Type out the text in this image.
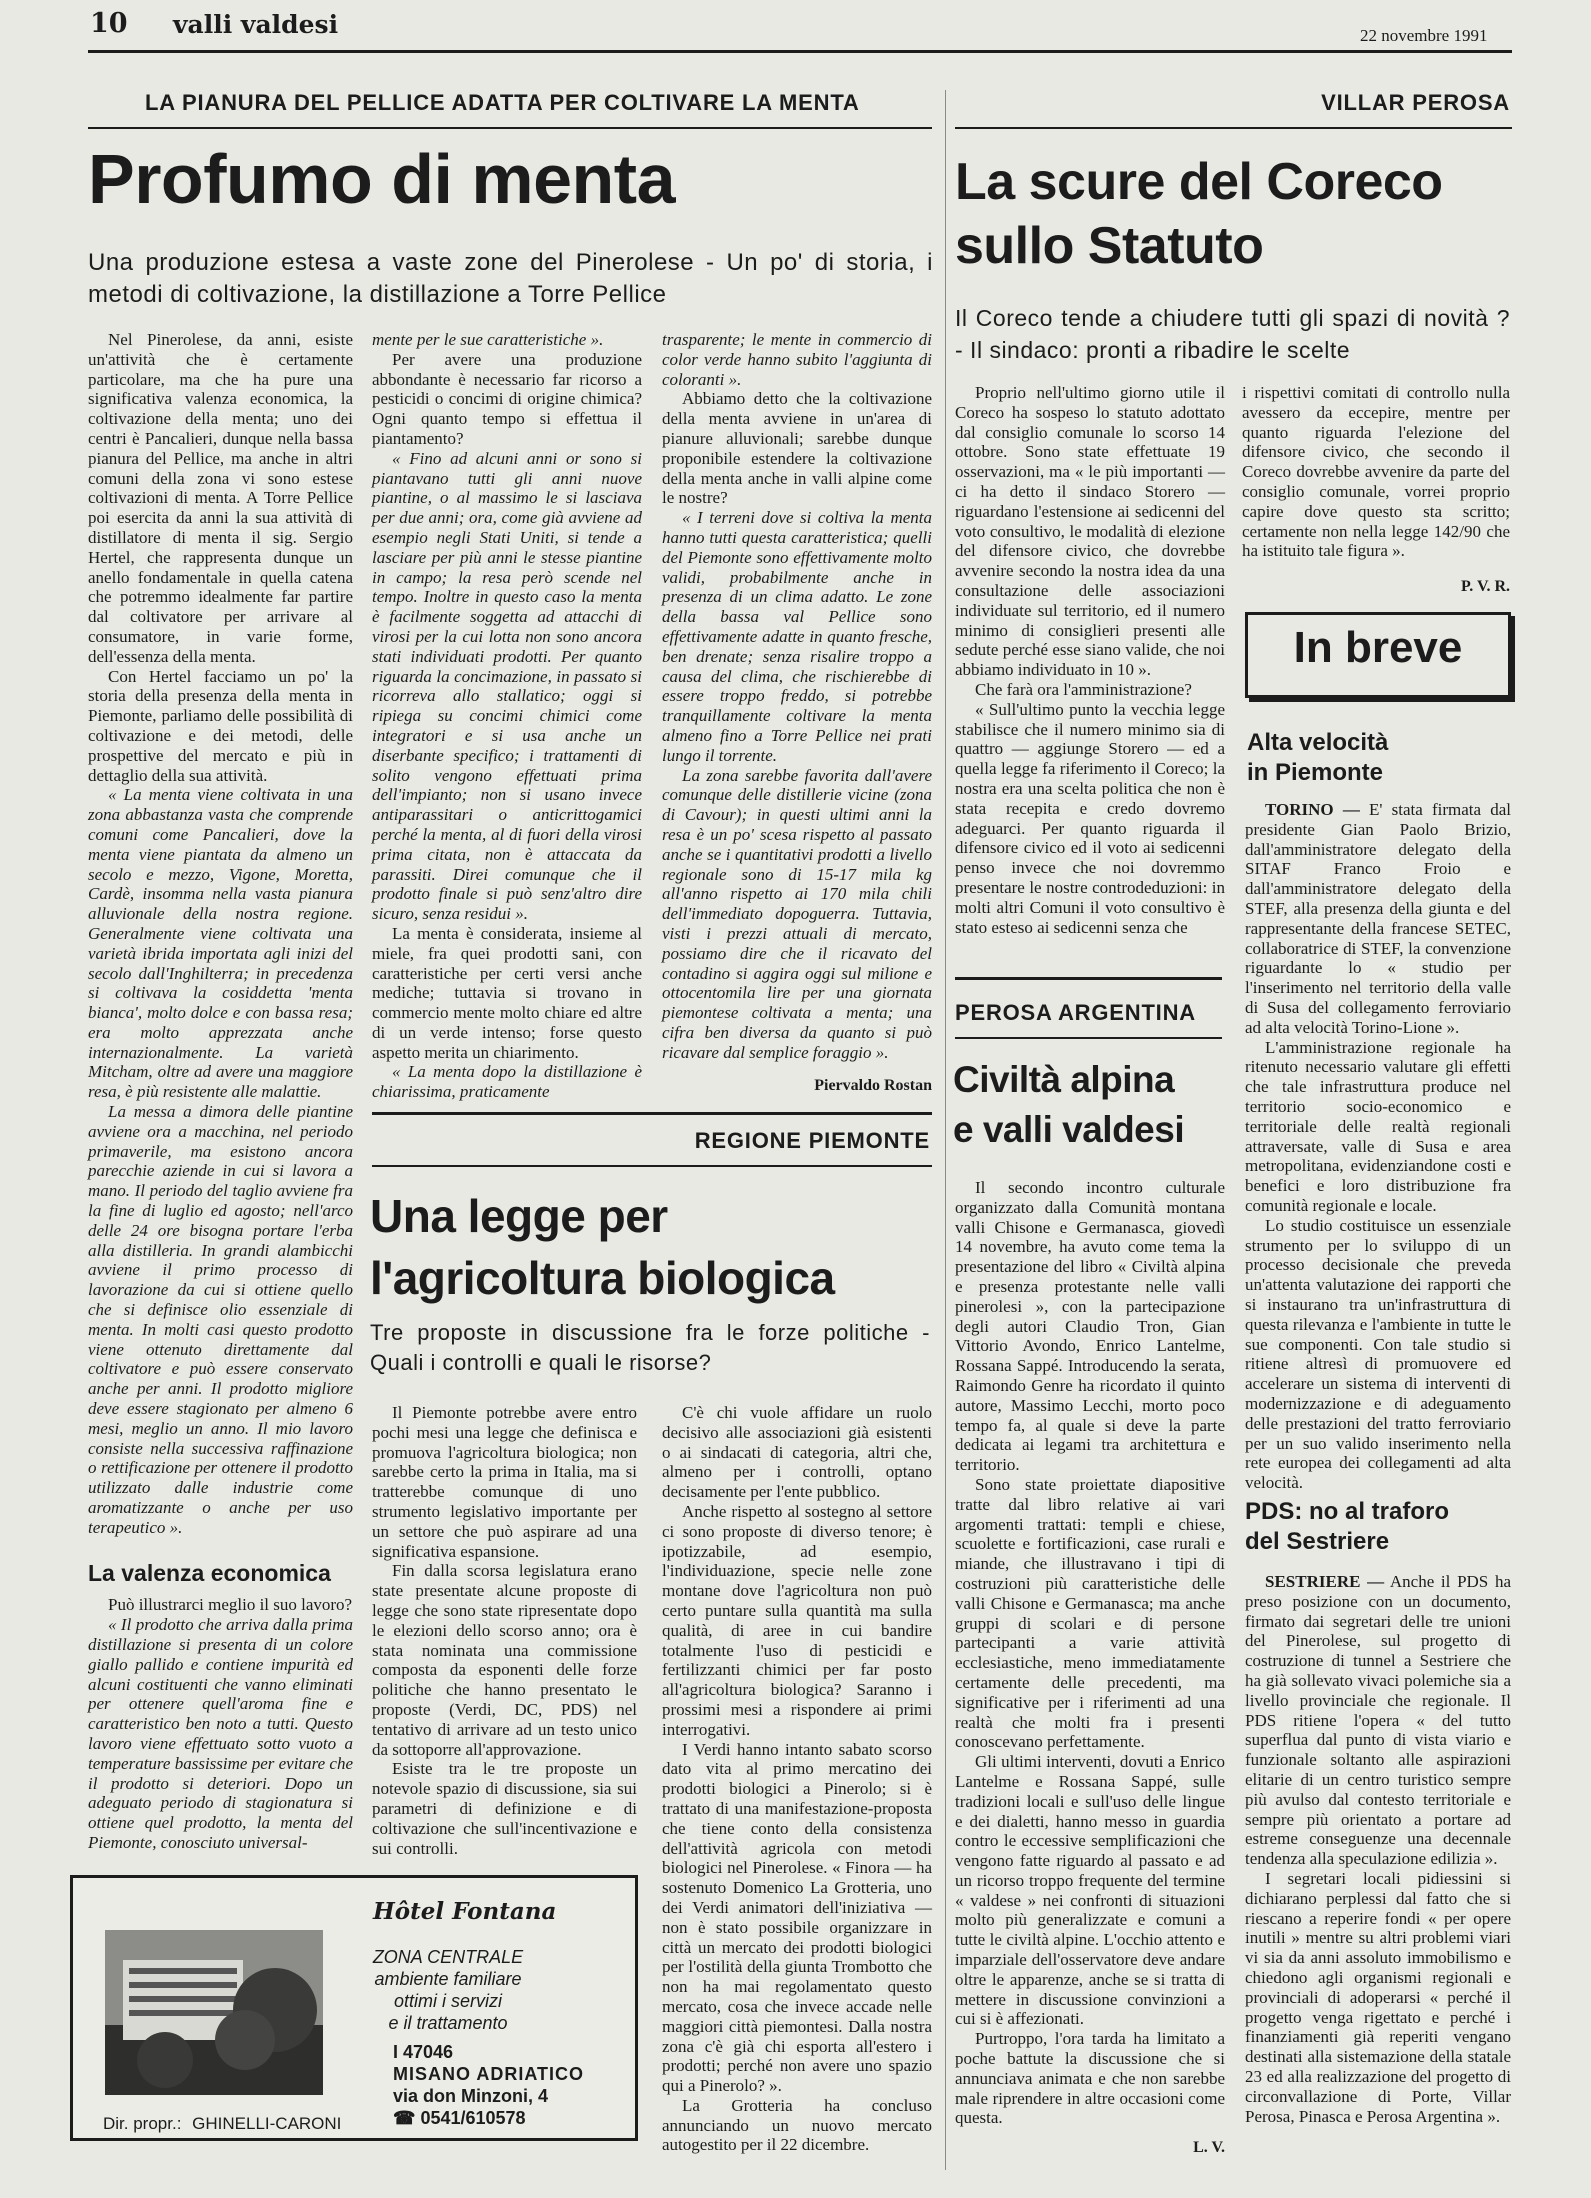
10 valli valdesi	22 novembre 1991
LA PIANURA DEL PELLICE ADATTA PER COLTIVARE LA MENTA
Profumo di menta
Una produzione estesa a vaste zone del Pinerolese - Un po' di storia, i metodi di coltivazione, la distillazione a Torre Pellice

Nel Pinerolese, da anni, esiste un'attività che è certamente particolare, ma che ha pure una significativa valenza economica, la coltivazione della menta; uno dei centri è Pancalieri, dunque nella bassa pianura del Pellice, ma anche in altri comuni della zona vi sono estese coltivazioni di menta. A Torre Pellice poi esercita da anni la sua attività di distillatore di menta il sig. Sergio Hertel, che rappresenta dunque un anello fondamentale in quella catena che potremmo idealmente far partire dal coltivatore per arrivare al consumatore, in varie forme, dell'essenza della menta.

Con Hertel facciamo un po' la storia della presenza della menta in Piemonte, parliamo delle possibilità di coltivazione e dei metodi, delle prospettive del mercato e più in dettaglio della sua attività.

« La menta viene coltivata in una zona abbastanza vasta che comprende comuni come Pancalieri, dove la menta viene piantata da almeno un secolo e mezzo, Vigone, Moretta, Cardè, insomma nella vasta pianura alluvionale della nostra regione. Generalmente viene coltivata una varietà ibrida importata agli inizi del secolo dall'Inghilterra; in precedenza si coltivava la cosiddetta 'menta bianca', molto dolce e con bassa resa; era molto apprezzata anche internazionalmente. La varietà Mitcham, oltre ad avere una maggiore resa, è più resistente alle malattie.

La messa a dimora delle piantine avviene ora a macchina, nel periodo primaverile, ma esistono ancora parecchie aziende in cui si lavora a mano. Il periodo del taglio avviene fra la fine di luglio ed agosto; nell'arco delle 24 ore bisogna portare l'erba alla distilleria. In grandi alambicchi avviene il primo processo di lavorazione da cui si ottiene quello che si definisce olio essenziale di menta. In molti casi questo prodotto viene ottenuto direttamente dal coltivatore e può essere conservato anche per anni. Il prodotto migliore deve essere stagionato per almeno 6 mesi, meglio un anno. Il mio lavoro consiste nella successiva raffinazione o rettificazione per ottenere il prodotto utilizzato dalle industrie come aromatizzante o anche per uso terapeutico ».

La valenza economica

Può illustrarci meglio il suo lavoro?

« Il prodotto che arriva dalla prima distillazione si presenta di un colore giallo pallido e contiene impurità ed alcuni costituenti che vanno eliminati per ottenere quell'aroma fine e caratteristico ben noto a tutti. Questo lavoro viene effettuato sotto vuoto a temperature bassissime per evitare che il prodotto si deteriori. Dopo un adeguato periodo di stagionatura si ottiene quel prodotto, la menta del Piemonte, conosciuto universal-

mente per le sue caratteristiche ».

Per avere una produzione abbondante è necessario far ricorso a pesticidi o concimi di origine chimica? Ogni quanto tempo si effettua il piantamento?

« Fino ad alcuni anni or sono si piantavano tutti gli anni nuove piantine, o al massimo le si lasciava per due anni; ora, come già avviene ad esempio negli Stati Uniti, si tende a lasciare per più anni le stesse piantine in campo; la resa però scende nel tempo. Inoltre in questo caso la menta è facilmente soggetta ad attacchi di virosi per la cui lotta non sono ancora stati individuati prodotti. Per quanto riguarda la concimazione, in passato si ricorreva allo stallatico; oggi si ripiega su concimi chimici come integratori e si usa anche un diserbante specifico; i trattamenti di solito vengono effettuati prima dell'impianto; non si usano invece antiparassitari o anticrittogamici perché la menta, al di fuori della virosi prima citata, non è attaccata da parassiti. Direi comunque che il prodotto finale si può senz'altro dire sicuro, senza residui ».

La menta è considerata, insieme al miele, fra quei prodotti sani, con caratteristiche per certi versi anche mediche; tuttavia si trovano in commercio mente molto chiare ed altre di un verde intenso; forse questo aspetto merita un chiarimento.

« La menta dopo la distillazione è chiarissima, praticamente

trasparente; le mente in commercio di color verde hanno subito l'aggiunta di coloranti ».

Abbiamo detto che la coltivazione della menta avviene in un'area di pianure alluvionali; sarebbe dunque proponibile estendere la coltivazione della menta anche in valli alpine come le nostre?

« I terreni dove si coltiva la menta hanno tutti questa caratteristica; quelli del Piemonte sono effettivamente molto validi, probabilmente anche in presenza di un clima adatto. Le zone della bassa val Pellice sono effettivamente adatte in quanto fresche, ben drenate; senza risalire troppo a causa del clima, che rischierebbe di essere troppo freddo, si potrebbe tranquillamente coltivare la menta almeno fino a Torre Pellice nei prati lungo il torrente.

La zona sarebbe favorita dall'avere comunque delle distillerie vicine (zona di Cavour); in questi ultimi anni la resa è un po' scesa rispetto al passato anche se i quantitativi prodotti a livello regionale sono di 15-17 mila kg all'anno rispetto ai 170 mila chili dell'immediato dopoguerra. Tuttavia, visti i prezzi attuali di mercato, possiamo dire che il ricavato del contadino si aggira oggi sul milione e ottocentomila lire per una giornata piemontese coltivata a menta; una cifra ben diversa da quanto si può ricavare dal semplice foraggio ».

Piervaldo Rostan
REGIONE PIEMONTE
Una legge per
l'agricoltura biologica
Tre proposte in discussione fra le forze politiche - Quali i controlli e quali le risorse?

Il Piemonte potrebbe avere entro pochi mesi una legge che definisca e promuova l'agricoltura biologica; non sarebbe certo la prima in Italia, ma si tratterebbe comunque di uno strumento legislativo importante per un settore che può aspirare ad una significativa espansione.

Fin dalla scorsa legislatura erano state presentate alcune proposte di legge che sono state ripresentate dopo le elezioni dello scorso anno; ora è stata nominata una commissione composta da esponenti delle forze politiche che hanno presentato le proposte (Verdi, DC, PDS) nel tentativo di arrivare ad un testo unico da sottoporre all'approvazione.

Esiste tra le tre proposte un notevole spazio di discussione, sia sui parametri di definizione e di coltivazione che sull'incentivazione e sui controlli.

C'è chi vuole affidare un ruolo decisivo alle associazioni già esistenti o ai sindacati di categoria, altri che, almeno per i controlli, optano decisamente per l'ente pubblico.

Anche rispetto al sostegno al settore ci sono proposte di diverso tenore; è ipotizzabile, ad esempio, l'individuazione, specie nelle zone montane dove l'agricoltura non può certo puntare sulla quantità ma sulla qualità, di aree in cui bandire totalmente l'uso di pesticidi e fertilizzanti chimici per far posto all'agricoltura biologica? Saranno i prossimi mesi a rispondere ai primi interrogativi.

I Verdi hanno intanto sabato scorso dato vita al primo mercatino dei prodotti biologici a Pinerolo; si è trattato di una manifestazione-proposta che tiene conto della consistenza dell'attività agricola con metodi biologici nel Pinerolese. « Finora — ha sostenuto Domenico La Grotteria, uno dei Verdi animatori dell'iniziativa — non è stato possibile organizzare in città un mercato dei prodotti biologici per l'ostilità della giunta Trombotto che non ha mai regolamentato questo mercato, cosa che invece accade nelle maggiori città piemontesi. Dalla nostra zona c'è già chi esporta all'estero i prodotti; perché non avere uno spazio qui a Pinerolo? ».

La Grotteria ha concluso annunciando un nuovo mercato autogestito per il 22 dicembre.

Hôtel Fontana
ZONA CENTRALE
ambiente familiare
ottimi i servizi
e il trattamento
I 47046
MISANO ADRIATICO
via don Minzoni, 4
☎ 0541/610578
Dir. propr.: GHINELLI-CARONI
VILLAR PEROSA
La scure del Coreco
sullo Statuto
Il Coreco tende a chiudere tutti gli spazi di novità ? - Il sindaco: pronti a ribadire le scelte

Proprio nell'ultimo giorno utile il Coreco ha sospeso lo statuto adottato dal consiglio comunale lo scorso 14 ottobre. Sono state effettuate 19 osservazioni, ma « le più importanti — ci ha detto il sindaco Storero — riguardano l'estensione ai sedicenni del voto consultivo, le modalità di elezione del difensore civico, che dovrebbe avvenire secondo la nostra idea da una consultazione delle associazioni individuate sul territorio, ed il numero minimo di consiglieri presenti alle sedute perché esse siano valide, che noi abbiamo individuato in 10 ».

Che farà ora l'amministrazione?

« Sull'ultimo punto la vecchia legge stabilisce che il numero minimo sia di quattro — aggiunge Storero — ed a quella legge fa riferimento il Coreco; la nostra era una scelta politica che non è stata recepita e credo dovremo adeguarci. Per quanto riguarda il difensore civico ed il voto ai sedicenni penso invece che noi dovremmo presentare le nostre controdeduzioni: in molti altri Comuni il voto consultivo è stato esteso ai sedicenni senza che

i rispettivi comitati di controllo nulla avessero da eccepire, mentre per quanto riguarda l'elezione del difensore civico, che secondo il Coreco dovrebbe avvenire da parte del consiglio comunale, vorrei proprio capire dove questo sta scritto; certamente non nella legge 142/90 che ha istituito tale figura ».

P. V. R.
In breve
Alta velocità
in Piemonte

TORINO — E' stata firmata dal presidente Gian Paolo Brizio, dall'amministratore delegato della SITAF Franco Froio e dall'amministratore delegato della STEF, alla presenza della giunta e del rappresentante della francese SETEC, collaboratrice di STEF, la convenzione riguardante lo « studio per l'inserimento nel territorio della valle di Susa del collegamento ferroviario ad alta velocità Torino-Lione ».

L'amministrazione regionale ha ritenuto necessario valutare gli effetti che tale infrastruttura produce nel territorio socio-economico e territoriale delle realtà regionali attraversate, valle di Susa e area metropolitana, evidenziandone costi e benefici e loro distribuzione fra comunità regionale e locale.

Lo studio costituisce un essenziale strumento per lo sviluppo di un processo decisionale che preveda un'attenta valutazione dei rapporti che si instaurano tra un'infrastruttura di questa rilevanza e l'ambiente in tutte le sue componenti. Con tale studio si ritiene altresì di promuovere ed accelerare un sistema di interventi di modernizzazione e di adeguamento delle prestazioni del tratto ferroviario per un suo valido inserimento nella rete europea dei collegamenti ad alta velocità.

PDS: no al traforo
del Sestriere

SESTRIERE — Anche il PDS ha preso posizione con un documento, firmato dai segretari delle tre unioni del Pinerolese, sul progetto di costruzione di tunnel a Sestriere che ha già sollevato vivaci polemiche sia a livello provinciale che regionale. Il PDS ritiene l'opera « del tutto superflua dal punto di vista viario e funzionale soltanto alle aspirazioni elitarie di un centro turistico sempre più avulso dal contesto territoriale e sempre più orientato a portare ad estreme conseguenze una decennale tendenza alla speculazione edilizia ».

I segretari locali pidiessini si dichiarano perplessi dal fatto che si riescano a reperire fondi « per opere inutili » mentre su altri problemi viari vi sia da anni assoluto immobilismo e chiedono agli organismi regionali e provinciali di adoperarsi « perché il progetto venga rigettato e perché i finanziamenti già reperiti vengano destinati alla sistemazione della statale 23 ed alla realizzazione del progetto di circonvallazione di Porte, Villar Perosa, Pinasca e Perosa Argentina ».

PEROSA ARGENTINA
Civiltà alpina
e valli valdesi

Il secondo incontro culturale organizzato dalla Comunità montana valli Chisone e Germanasca, giovedì 14 novembre, ha avuto come tema la presentazione del libro « Civiltà alpina e presenza protestante nelle valli pinerolesi », con la partecipazione degli autori Claudio Tron, Gian Vittorio Avondo, Enrico Lantelme, Rossana Sappé. Introducendo la serata, Raimondo Genre ha ricordato il quinto autore, Massimo Lecchi, morto poco tempo fa, al quale si deve la parte dedicata ai legami tra architettura e territorio.

Sono state proiettate diapositive tratte dal libro relative ai vari argomenti trattati: templi e chiese, scuolette e fortificazioni, case rurali e miande, che illustravano i tipi di costruzioni più caratteristiche delle valli Chisone e Germanasca; ma anche gruppi di scolari e di persone partecipanti a varie attività ecclesiastiche, meno immediatamente certamente delle precedenti, ma significative per i riferimenti ad una realtà che molti fra i presenti conoscevano perfettamente.

Gli ultimi interventi, dovuti a Enrico Lantelme e Rossana Sappé, sulle tradizioni locali e sull'uso delle lingue e dei dialetti, hanno messo in guardia contro le eccessive semplificazioni che vengono fatte riguardo al passato e ad un ricorso troppo frequente del termine « valdese » nei confronti di situazioni molto più generalizzate e comuni a tutte le civiltà alpine. L'occhio attento e imparziale dell'osservatore deve andare oltre le apparenze, anche se si tratta di mettere in discussione convinzioni a cui si è affezionati.

Purtroppo, l'ora tarda ha limitato a poche battute la discussione che si annunciava animata e che non sarebbe male riprendere in altre occasioni come questa.

L. V.
